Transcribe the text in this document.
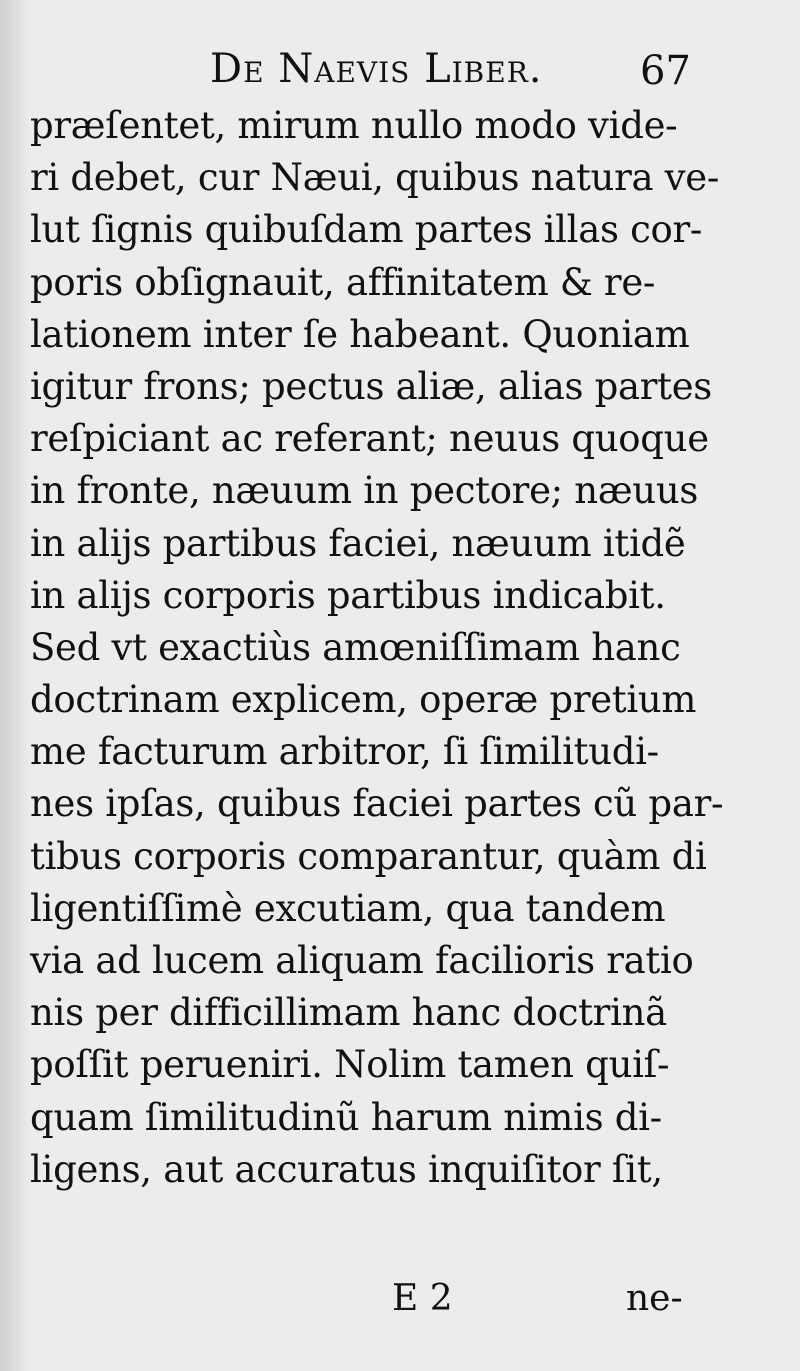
De Naevis Liber. 67
præſentet, mirum nullo modo vide-
ri debet, cur Næui, quibus natura ve-
lut ſignis quibuſdam partes illas cor-
poris obſignauit, affinitatem & re-
lationem inter ſe habeant. Quoniam
igitur frons; pectus aliæ, alias partes
reſpiciant ac referant; neuus quoque
in fronte, næuum in pectore; næuus
in alijs partibus faciei, næuum itidẽ
in alijs corporis partibus indicabit.
Sed vt exactiùs amœniſſimam hanc
doctrinam explicem, operæ pretium
me facturum arbitror, ſi ſimilitudi-
nes ipſas, quibus faciei partes cũ par-
tibus corporis comparantur, quàm di
ligentiſſimè excutiam, qua tandem
via ad lucem aliquam facilioris ratio
nis per difficillimam hanc doctrinã
poſſit perueniri. Nolim tamen quiſ-
quam ſimilitudinũ harum nimis di-
ligens, aut accuratus inquiſitor ſit,
E 2	ne-
